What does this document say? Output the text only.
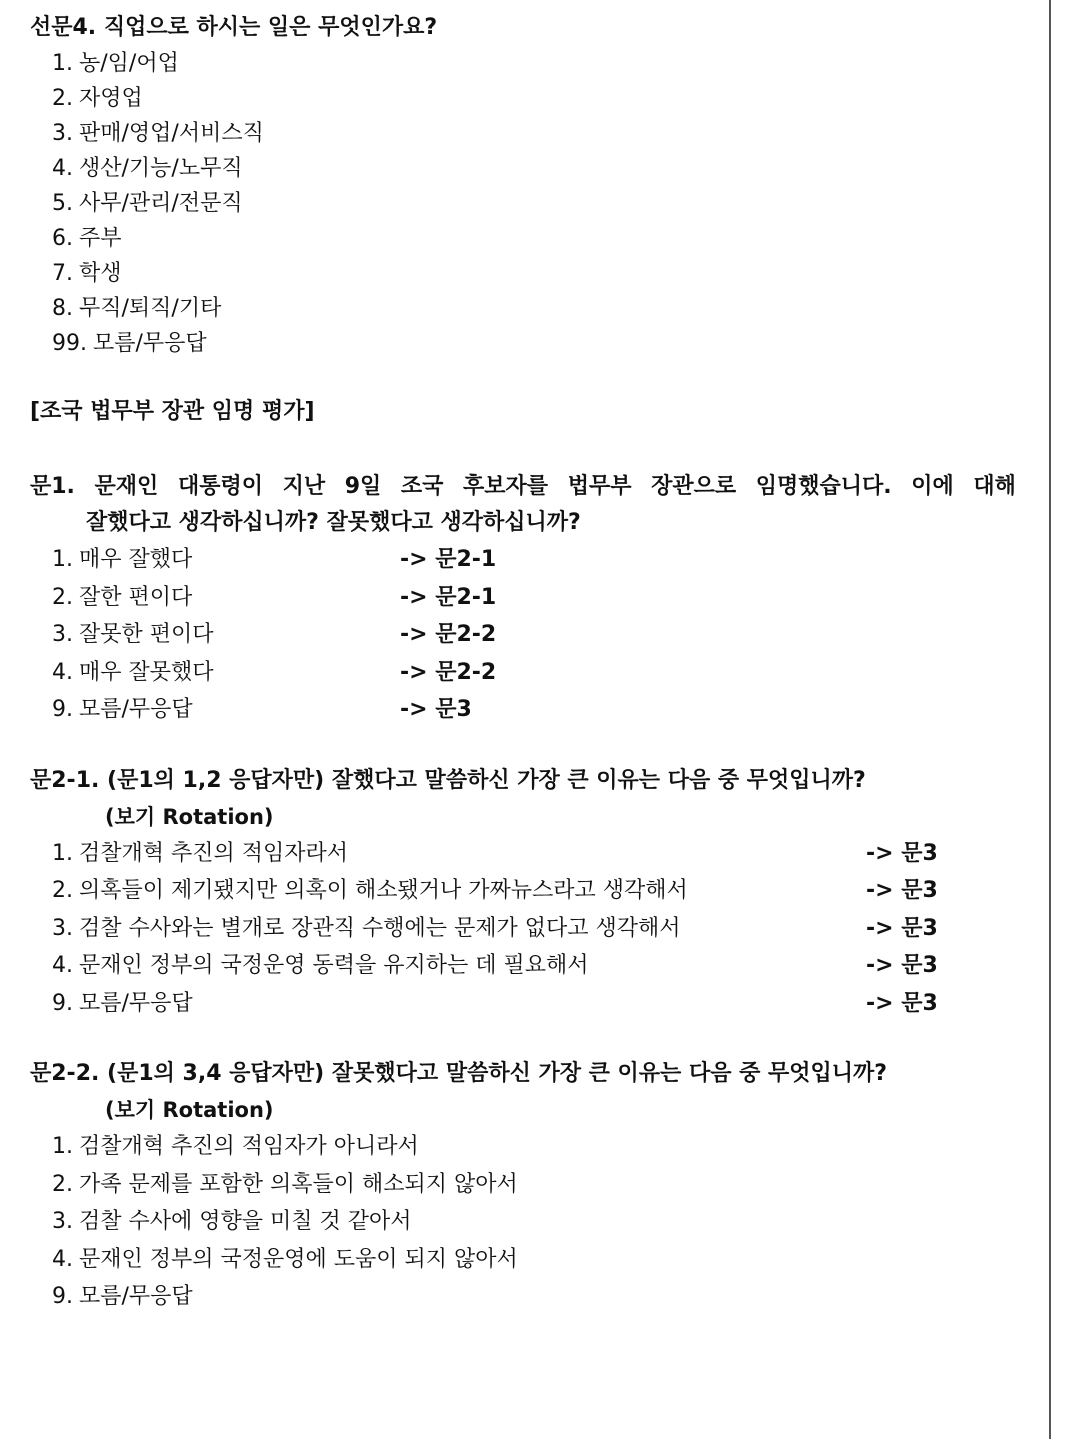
선문4. 직업으로 하시는 일은 무엇인가요?

1. 농/임/어업
2. 자영업
3. 판매/영업/서비스직
4. 생산/기능/노무직
5. 사무/관리/전문직
6. 주부
7. 학생
8. 무직/퇴직/기타
99. 모름/무응답

[조국 법무부 장관 임명 평가]

문1. 문재인 대통령이 지난 9일 조국 후보자를 법무부 장관으로 임명했습니다. 이에 대해

잘했다고 생각하십니까? 잘못했다고 생각하십니까?

1. 매우 잘했다	-> 문2-1
2. 잘한 편이다	-> 문2-1
3. 잘못한 편이다	-> 문2-2
4. 매우 잘못했다	-> 문2-2
9. 모름/무응답	-> 문3

문2-1. (문1의 1,2 응답자만) 잘했다고 말씀하신 가장 큰 이유는 다음 중 무엇입니까?

(보기 Rotation)

1. 검찰개혁 추진의 적임자라서	-> 문3
2. 의혹들이 제기됐지만 의혹이 해소됐거나 가짜뉴스라고 생각해서	-> 문3
3. 검찰 수사와는 별개로 장관직 수행에는 문제가 없다고 생각해서	-> 문3
4. 문재인 정부의 국정운영 동력을 유지하는 데 필요해서	-> 문3
9. 모름/무응답	-> 문3

문2-2. (문1의 3,4 응답자만) 잘못했다고 말씀하신 가장 큰 이유는 다음 중 무엇입니까?

(보기 Rotation)

1. 검찰개혁 추진의 적임자가 아니라서
2. 가족 문제를 포함한 의혹들이 해소되지 않아서
3. 검찰 수사에 영향을 미칠 것 같아서
4. 문재인 정부의 국정운영에 도움이 되지 않아서
9. 모름/무응답
